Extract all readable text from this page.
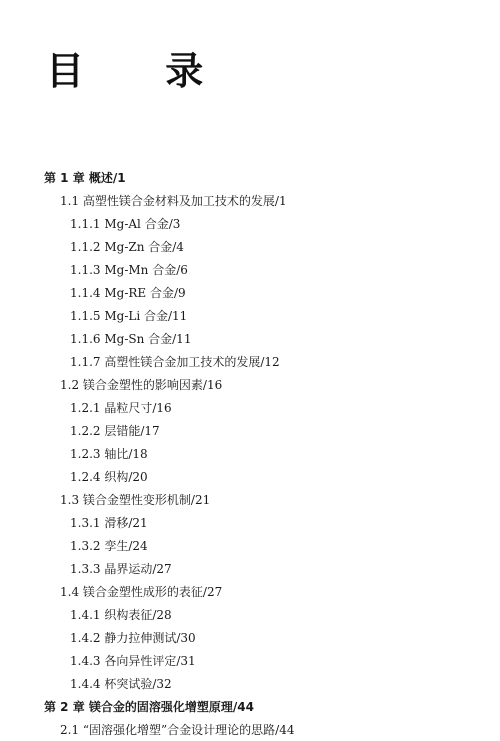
目 录
第 1 章 概述/1
1.1 高塑性镁合金材料及加工技术的发展/1
1.1.1 Mg-Al 合金/3
1.1.2 Mg-Zn 合金/4
1.1.3 Mg-Mn 合金/6
1.1.4 Mg-RE 合金/9
1.1.5 Mg-Li 合金/11
1.1.6 Mg-Sn 合金/11
1.1.7 高塑性镁合金加工技术的发展/12
1.2 镁合金塑性的影响因素/16
1.2.1 晶粒尺寸/16
1.2.2 层错能/17
1.2.3 轴比/18
1.2.4 织构/20
1.3 镁合金塑性变形机制/21
1.3.1 滑移/21
1.3.2 孪生/24
1.3.3 晶界运动/27
1.4 镁合金塑性成形的表征/27
1.4.1 织构表征/28
1.4.2 静力拉伸测试/30
1.4.3 各向异性评定/31
1.4.4 杯突试验/32
第 2 章 镁合金的固溶强化增塑原理/44
2.1 “固溶强化增塑”合金设计理论的思路/44
